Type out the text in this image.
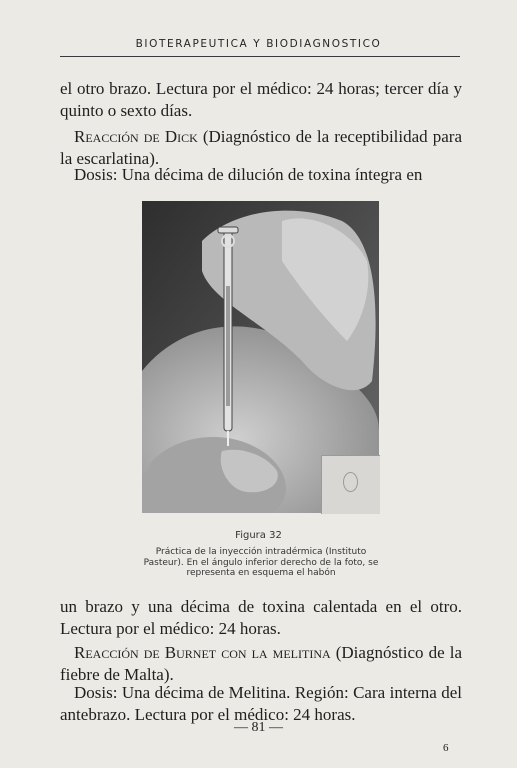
BIOTERAPEUTICA Y BIODIAGNOSTICO

el otro brazo. Lectura por el médico: 24 horas; tercer día y quinto o sexto días.

Reacción de Dick (Diagnóstico de la receptibilidad para la escarlatina).

Dosis: Una décima de dilución de toxina íntegra en

Figura 32
Práctica de la inyección intradérmica (Instituto Pasteur). En el ángulo inferior derecho de la foto, se representa en esquema el habón

un brazo y una décima de toxina calentada en el otro. Lectura por el médico: 24 horas.

Reacción de Burnet con la melitina (Diagnóstico de la fiebre de Malta).

Dosis: Una décima de Melitina. Región: Cara interna del antebrazo. Lectura por el médico: 24 horas.

— 81 —
6
